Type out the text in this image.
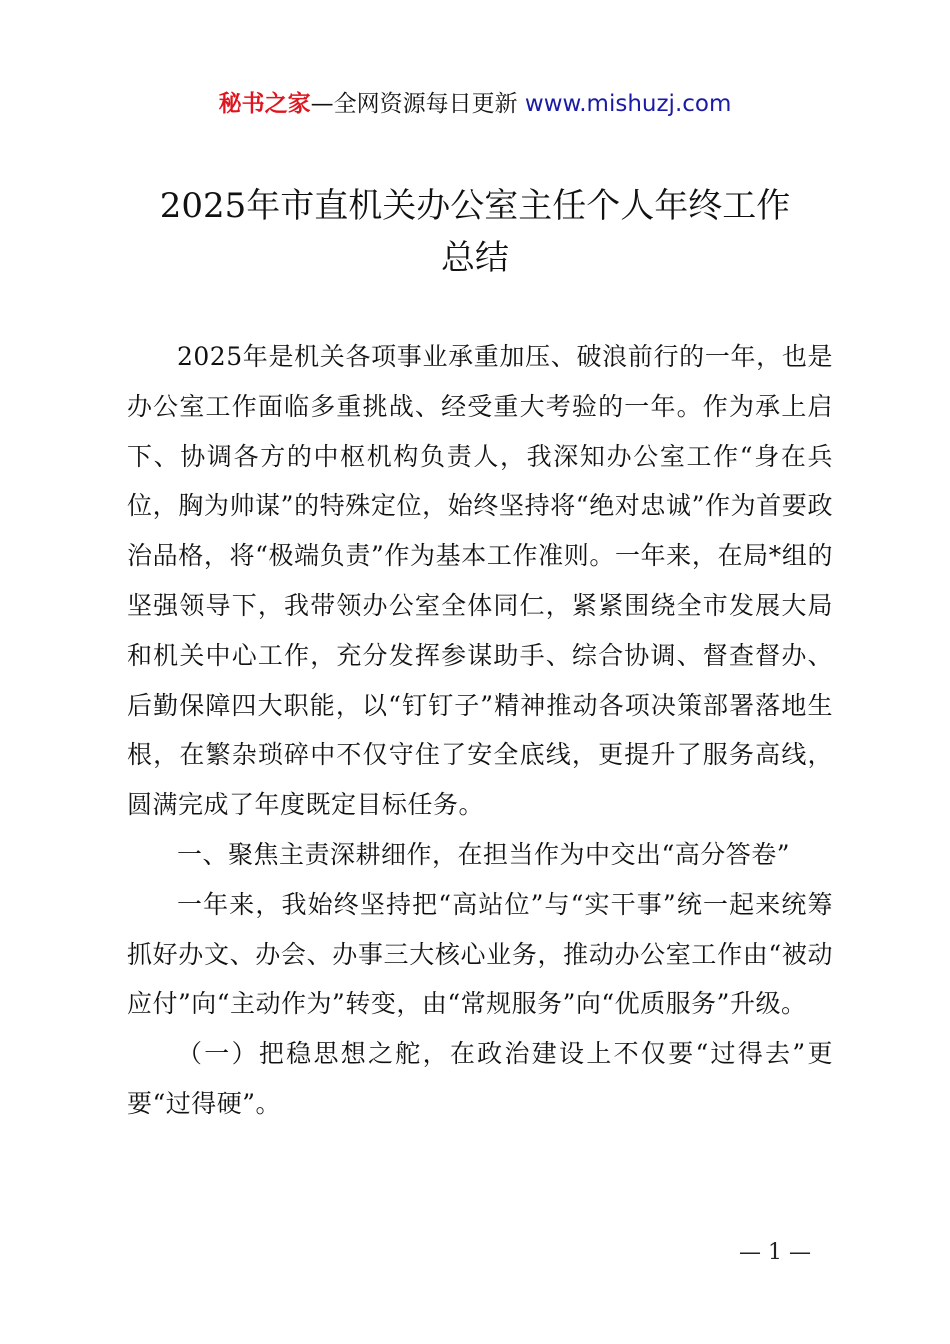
秘书之家—全网资源每日更新 www.mishuzj.com
2025年市直机关办公室主任个人年终工作
总结

2025年是机关各项事业承重加压、破浪前行的一年，也是办公室工作面临多重挑战、经受重大考验的一年。作为承上启下、协调各方的中枢机构负责人，我深知办公室工作“身在兵位，胸为帅谋”的特殊定位，始终坚持将“绝对忠诚”作为首要政治品格，将“极端负责”作为基本工作准则。一年来，在局*组的坚强领导下，我带领办公室全体同仁，紧紧围绕全市发展大局和机关中心工作，充分发挥参谋助手、综合协调、督查督办、后勤保障四大职能，以“钉钉子”精神推动各项决策部署落地生根，在繁杂琐碎中不仅守住了安全底线，更提升了服务高线，圆满完成了年度既定目标任务。

一、聚焦主责深耕细作，在担当作为中交出“高分答卷”

一年来，我始终坚持把“高站位”与“实干事”统一起来统筹抓好办文、办会、办事三大核心业务，推动办公室工作由“被动应付”向“主动作为”转变，由“常规服务”向“优质服务”升级。

（一）把稳思想之舵，在政治建设上不仅要“过得去”更要“过得硬”。

— 1 —
